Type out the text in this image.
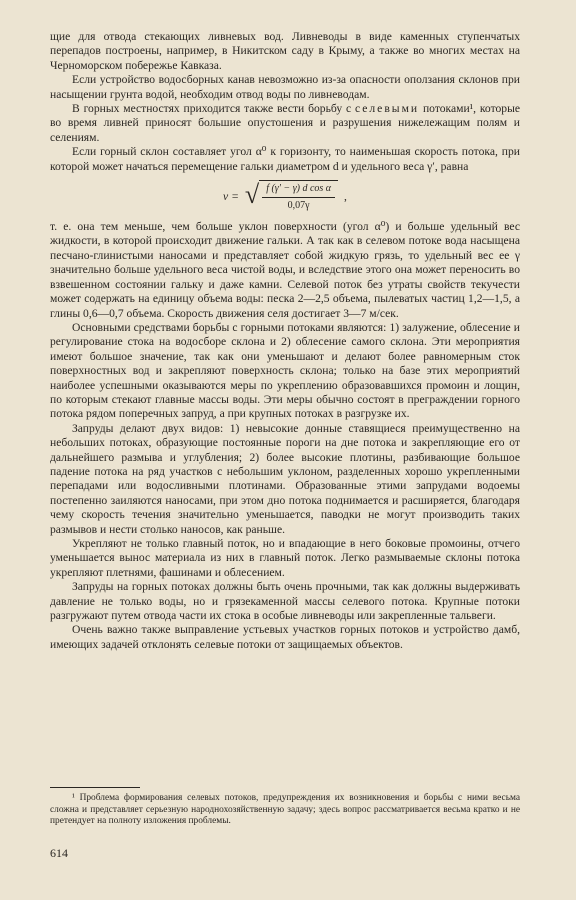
щие для отвода стекающих ливневых вод. Ливневоды в виде каменных ступенчатых перепадов построены, например, в Никитском саду в Крыму, а также во многих местах на Черноморском побережье Кавказа.

Если устройство водосборных канав невозможно из-за опасности оползания склонов при насыщении грунта водой, необходим отвод воды по ливневодам.

В горных местностях приходится также вести борьбу с селевыми потоками¹, которые во время ливней приносят большие опустошения и разрушения нижележащим полям и селениям.

Если горный склон составляет угол α⁰ к горизонту, то наименьшая скорость потока, при которой может начаться перемещение гальки диаметром d и удельного веса γ′, равна

v = √ $\frac{\text{f (γ′ − γ) d cos α}}{0,07\gamma}$ ,

т. е. она тем меньше, чем больше уклон поверхности (угол α⁰) и больше удельный вес жидкости, в которой происходит движение гальки. А так как в селевом потоке вода насыщена песчано-глинистыми наносами и представляет собой жидкую грязь, то удельный вес ее γ значительно больше удельного веса чистой воды, и вследствие этого она может переносить во взвешенном состоянии гальку и даже камни. Селевой поток без утраты свойств текучести может содержать на единицу объема воды: песка 2—2,5 объема, пылеватых частиц 1,2—1,5, а глины 0,6—0,7 объема. Скорость движения селя достигает 3—7 м/сек.

Основными средствами борьбы с горными потоками являются: 1) залужение, облесение и регулирование стока на водосборе склона и 2) облесение самого склона. Эти мероприятия имеют большое значение, так как они уменьшают и делают более равномерным сток поверхностных вод и закрепляют поверхность склона; только на базе этих мероприятий наиболее успешными оказываются меры по укреплению образовавшихся промоин и лощин, по которым стекают главные массы воды. Эти меры обычно состоят в преграждении горного потока рядом поперечных запруд, а при крупных потоках в разгрузке их.

Запруды делают двух видов: 1) невысокие донные ставящиеся преимущественно на небольших потоках, образующие постоянные пороги на дне потока и закрепляющие его от дальнейшего размыва и углубления; 2) более высокие плотины, разбивающие большое падение потока на ряд участков с небольшим уклоном, разделенных хорошо укрепленными перепадами или водосливными плотинами. Образованные этими запрудами водоемы постепенно заиляются наносами, при этом дно потока поднимается и расширяется, благодаря чему скорость течения значительно уменьшается, паводки не могут производить таких размывов и нести столько наносов, как раньше.

Укрепляют не только главный поток, но и впадающие в него боковые промоины, отчего уменьшается вынос материала из них в главный поток. Легко размываемые склоны потока укрепляют плетнями, фашинами и облесением.

Запруды на горных потоках должны быть очень прочными, так как должны выдерживать давление не только воды, но и грязекаменной массы селевого потока. Крупные потоки разгружают путем отвода части их стока в особые ливневоды или закрепленные тальвеги.

Очень важно также выправление устьевых участков горных потоков и устройство дамб, имеющих задачей отклонять селевые потоки от защищаемых объектов.

¹ Проблема формирования селевых потоков, предупреждения их возникновения и борьбы с ними весьма сложна и представляет серьезную народнохозяйственную задачу; здесь вопрос рассматривается весьма кратко и не претендует на полноту изложения проблемы.

614
